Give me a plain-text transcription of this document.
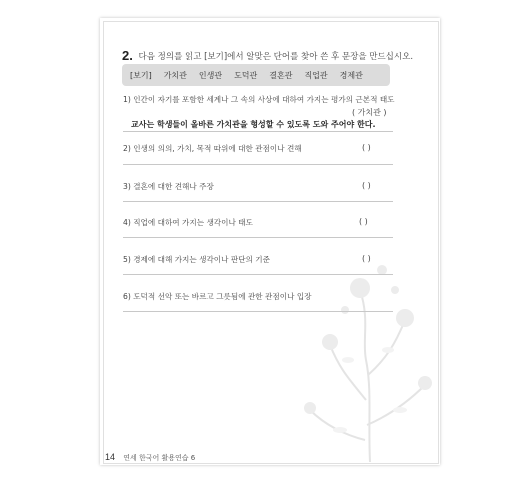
2. 다음 정의를 읽고 [보기]에서 알맞은 단어를 찾아 쓴 후 문장을 만드십시오.
[보기] 가치관 인생관 도덕관 결혼관 직업관 경제관
1) 인간이 자기를 포함한 세계나 그 속의 사상에 대하여 가지는 평가의 근본적 태도
( 가치관 )
교사는 학생들이 올바른 가치관을 형성할 수 있도록 도와 주어야 한다.
2) 인생의 의의, 가치, 목적 따위에 대한 관점이나 견해	( )
3) 결혼에 대한 견해나 주장	( )
4) 직업에 대하여 가지는 생각이나 태도	( )
5) 경제에 대해 가지는 생각이나 판단의 기준	( )
6) 도덕적 선악 또는 바르고 그릇됨에 관한 관점이나 입장
14 연세 한국어 활용연습 6
